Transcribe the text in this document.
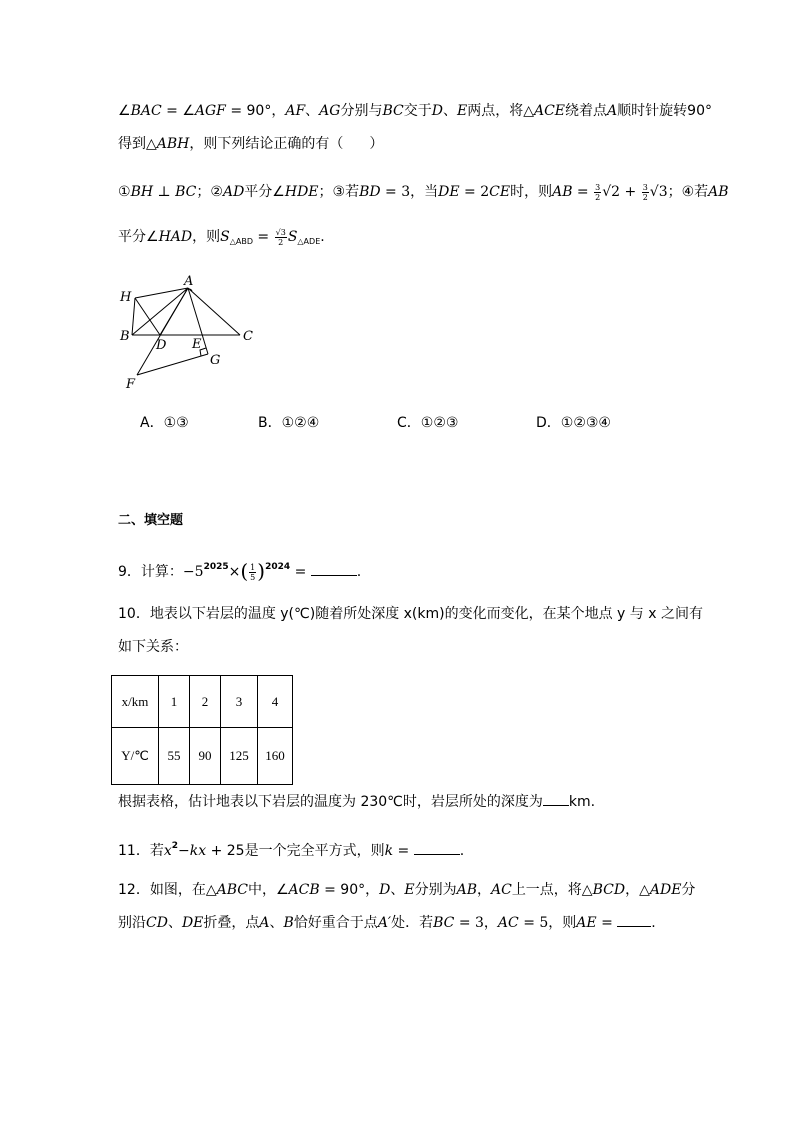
∠BAC = ∠AGF = 90°，AF、AG分别与BC交于D、E两点，将△ACE绕着点A顺时针旋转90°
得到△ABH，则下列结论正确的有（ ）
①BH ⊥ BC；②AD平分∠HDE；③若BD = 3，当DE = 2CE时，则AB = $\frac{3}{2} √2 + \frac{3}{2} √3$；④若AB
平分∠HAD，则$S_{\triangle ABD} = \frac{√3}{2} S_{\triangle ADE}$.
A
H
B
D E
C
G
F
A．①③	B．①②④	C．①②③	D．①②③④
二、填空题
9．计算：$-5^{2025}\times( \frac{1}{5} )^{2024}$ =	.
10．地表以下岩层的温度 y(℃)随着所处深度 x(km)的变化而变化，在某个地点 y 与 x 之间有
如下关系：
x/km	1	2	3	4
Y/℃	55	90	125	160
根据表格，估计地表以下岩层的温度为 230℃时，岩层所处的深度为 km.
11．若$x^2-kx + 25$是一个完全平方式，则k =	.
12．如图，在△ABC中，∠ACB = 90°，D、E分别为AB，AC上一点，将△BCD，△ADE分
别沿CD、DE折叠，点A、B恰好重合于点A′处．若BC = 3，AC = 5，则AE = .
